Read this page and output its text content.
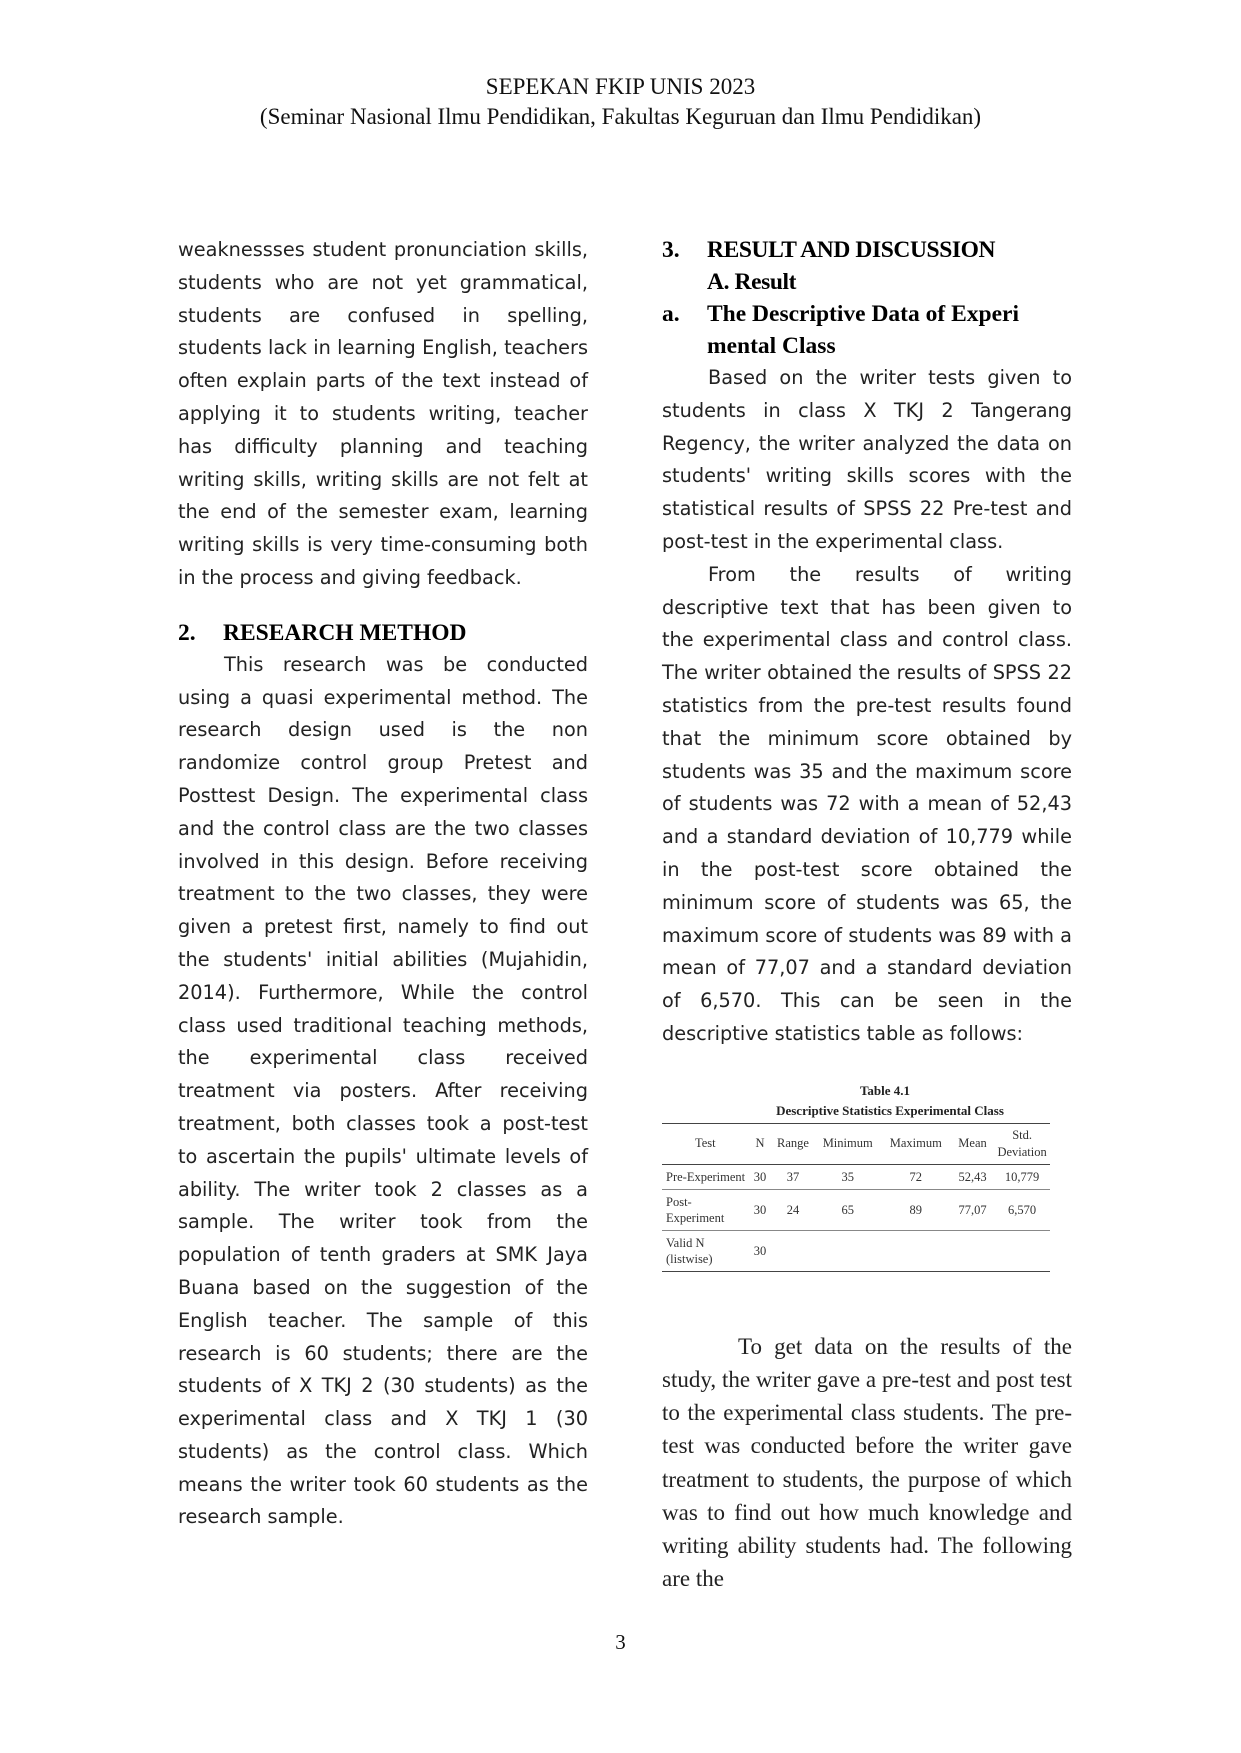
SEPEKAN FKIP UNIS 2023
(Seminar Nasional Ilmu Pendidikan, Fakultas Keguruan dan Ilmu Pendidikan)

weaknessses student pronunciation skills, students who are not yet grammatical, students are confused in spelling, students lack in learning English, teachers often explain parts of the text instead of applying it to students writing, teacher has difficulty planning and teaching writing skills, writing skills are not felt at the end of the semester exam, learning writing skills is very time-consuming both in the process and giving feedback.

2.	RESEARCH METHOD

This research was be conducted using a quasi experimental method. The research design used is the non randomize control group Pretest and Posttest Design. The experimental class and the control class are the two classes involved in this design. Before receiving treatment to the two classes, they were given a pretest first, namely to find out the students' initial abilities (Mujahidin, 2014). Furthermore, While the control class used traditional teaching methods, the experimental class received treatment via posters. After receiving treatment, both classes took a post-test to ascertain the pupils' ultimate levels of ability. The writer took 2 classes as a sample. The writer took from the population of tenth graders at SMK Jaya Buana based on the suggestion of the English teacher. The sample of this research is 60 students; there are the students of X TKJ 2 (30 students) as the experimental class and X TKJ 1 (30 students) as the control class. Which means the writer took 60 students as the research sample.

3.	RESULT AND DISCUSSION
A. Result
a.	The Descriptive Data of Experi mental Class

Based on the writer tests given to students in class X TKJ 2 Tangerang Regency, the writer analyzed the data on students' writing skills scores with the statistical results of SPSS 22 Pre-test and post-test in the experimental class.

From the results of writing descriptive text that has been given to the experimental class and control class. The writer obtained the results of SPSS 22 statistics from the pre-test results found that the minimum score obtained by students was 35 and the maximum score of students was 72 with a mean of 52,43 and a standard deviation of 10,779 while in the post-test score obtained the minimum score of students was 65, the maximum score of students was 89 with a mean of 77,07 and a standard deviation of 6,570. This can be seen in the descriptive statistics table as follows:

Table 4.1
Descriptive Statistics Experimental Class
Test	N	Range	Minimum	Maximum	Mean	Std. Deviation
Pre-Experiment	30	37	35	72	52,43	10,779
Post-Experiment	30	24	65	89	77,07	6,570
Valid N (listwise)	30					

To get data on the results of the study, the writer gave a pre-test and post test to the experimental class students. The pre-test was conducted before the writer gave treatment to students, the purpose of which was to find out how much knowledge and writing ability students had. The following are the

3
